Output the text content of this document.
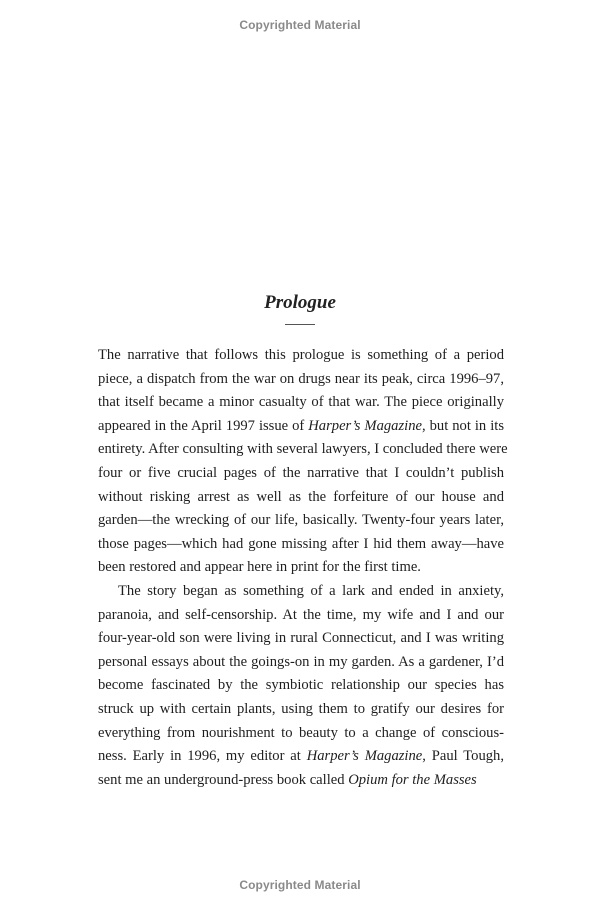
Copyrighted Material
Prologue
The narrative that follows this prologue is something of a period
piece, a dispatch from the war on drugs near its peak, circa 1996–97,
that itself became a minor casualty of that war. The piece originally
appeared in the April 1997 issue of Harper’s Magazine, but not in its
entirety. After consulting with several lawyers, I concluded there were
four or five crucial pages of the narrative that I couldn’t publish
without risking arrest as well as the forfeiture of our house and
garden—the wrecking of our life, basically. Twenty-four years later,
those pages—which had gone missing after I hid them away—have
been restored and appear here in print for the first time.
The story began as something of a lark and ended in anxiety,
paranoia, and self-censorship. At the time, my wife and I and our
four-year-old son were living in rural Connecticut, and I was writing
personal essays about the goings-on in my garden. As a gardener, I’d
become fascinated by the symbiotic relationship our species has
struck up with certain plants, using them to gratify our desires for
everything from nourishment to beauty to a change of conscious-
ness. Early in 1996, my editor at Harper’s Magazine, Paul Tough,
sent me an underground-press book called Opium for the Masses
Copyrighted Material
